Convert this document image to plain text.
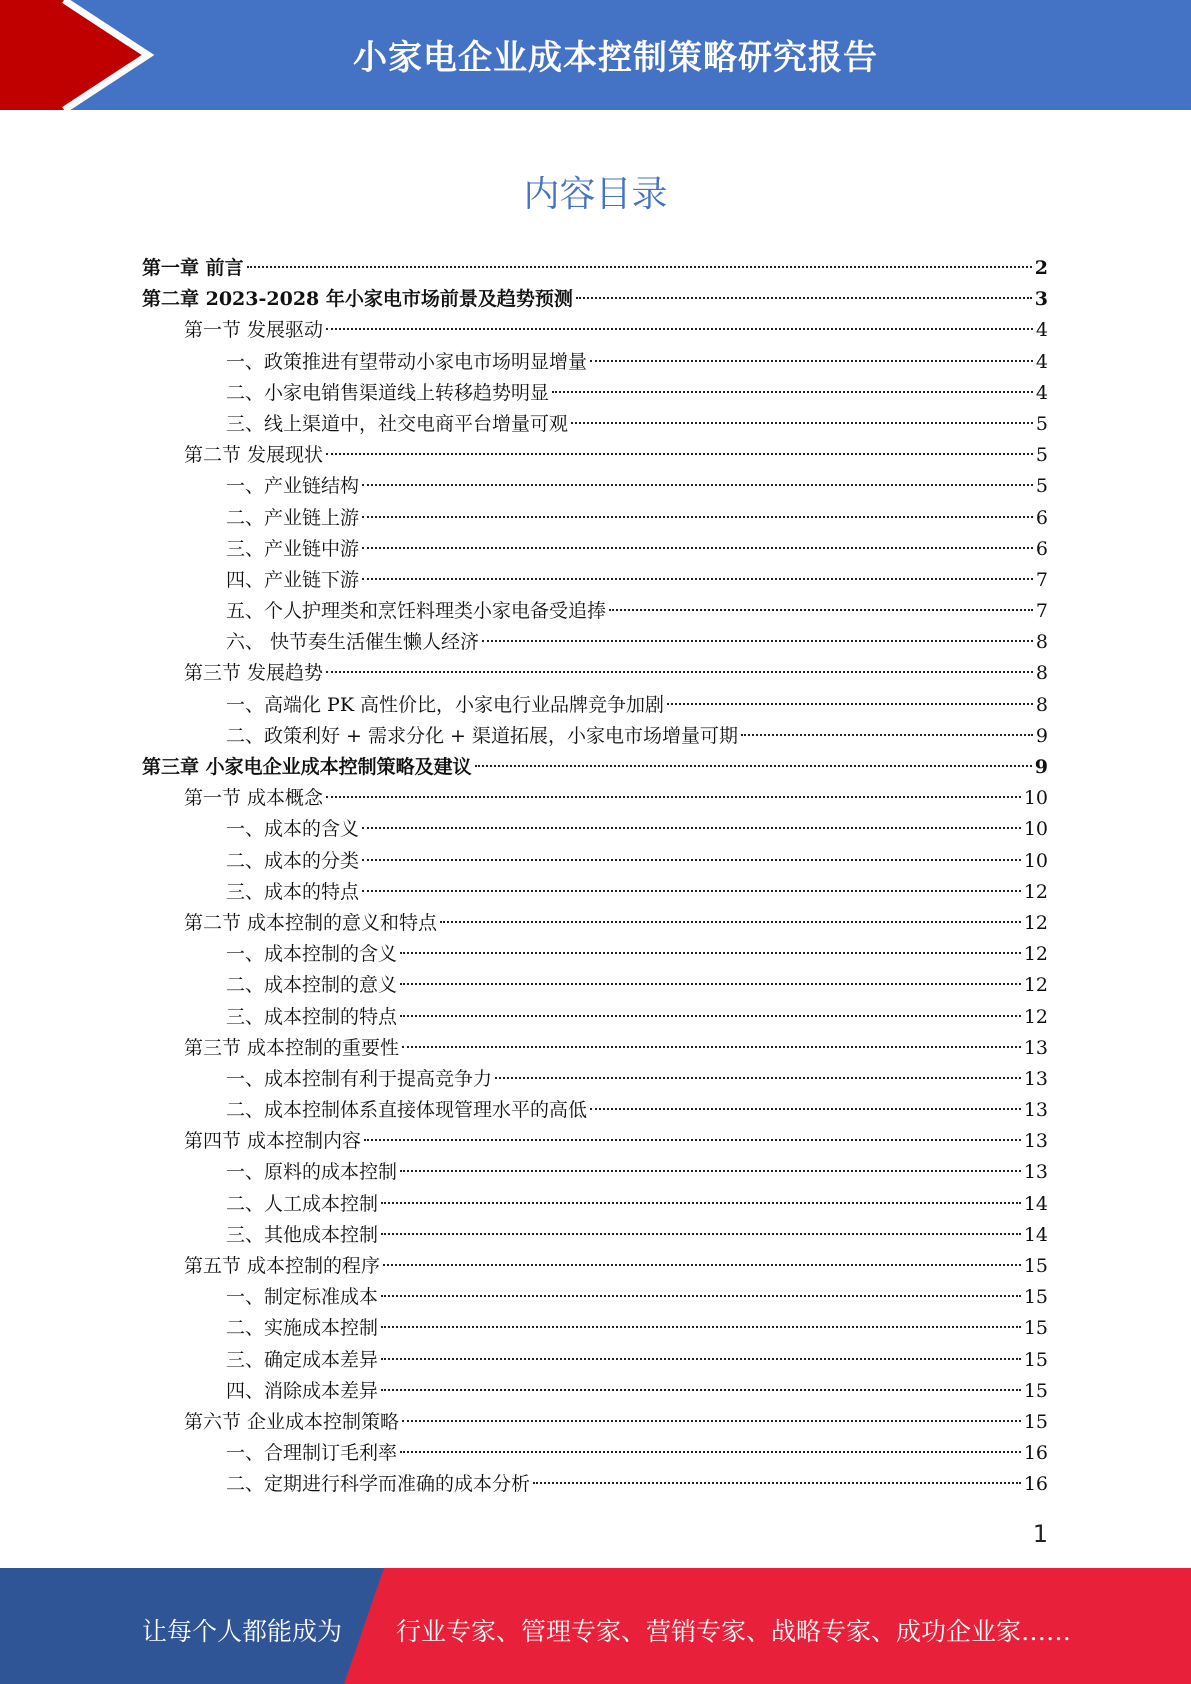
小家电企业成本控制策略研究报告
内容目录
第一章 前言	2
第二章 2023-2028 年小家电市场前景及趋势预测	3
第一节 发展驱动	4
一、政策推进有望带动小家电市场明显增量	4
二、小家电销售渠道线上转移趋势明显	4
三、线上渠道中，社交电商平台增量可观	5
第二节 发展现状	5
一、产业链结构	5
二、产业链上游	6
三、产业链中游	6
四、产业链下游	7
五、个人护理类和烹饪料理类小家电备受追捧	7
六、 快节奏生活催生懒人经济	8
第三节 发展趋势	8
一、高端化 PK 高性价比，小家电行业品牌竞争加剧	8
二、政策利好 + 需求分化 + 渠道拓展，小家电市场增量可期	9
第三章 小家电企业成本控制策略及建议	9
第一节 成本概念	10
一、成本的含义	10
二、成本的分类	10
三、成本的特点	12
第二节 成本控制的意义和特点	12
一、成本控制的含义	12
二、成本控制的意义	12
三、成本控制的特点	12
第三节 成本控制的重要性	13
一、成本控制有利于提高竞争力	13
二、成本控制体系直接体现管理水平的高低	13
第四节 成本控制内容	13
一、原料的成本控制	13
二、人工成本控制	14
三、其他成本控制	14
第五节 成本控制的程序	15
一、制定标准成本	15
二、实施成本控制	15
三、确定成本差异	15
四、消除成本差异	15
第六节 企业成本控制策略	15
一、合理制订毛利率	16
二、定期进行科学而准确的成本分析	16
1
让每个人都能成为 行业专家、管理专家、营销专家、战略专家、成功企业家……
